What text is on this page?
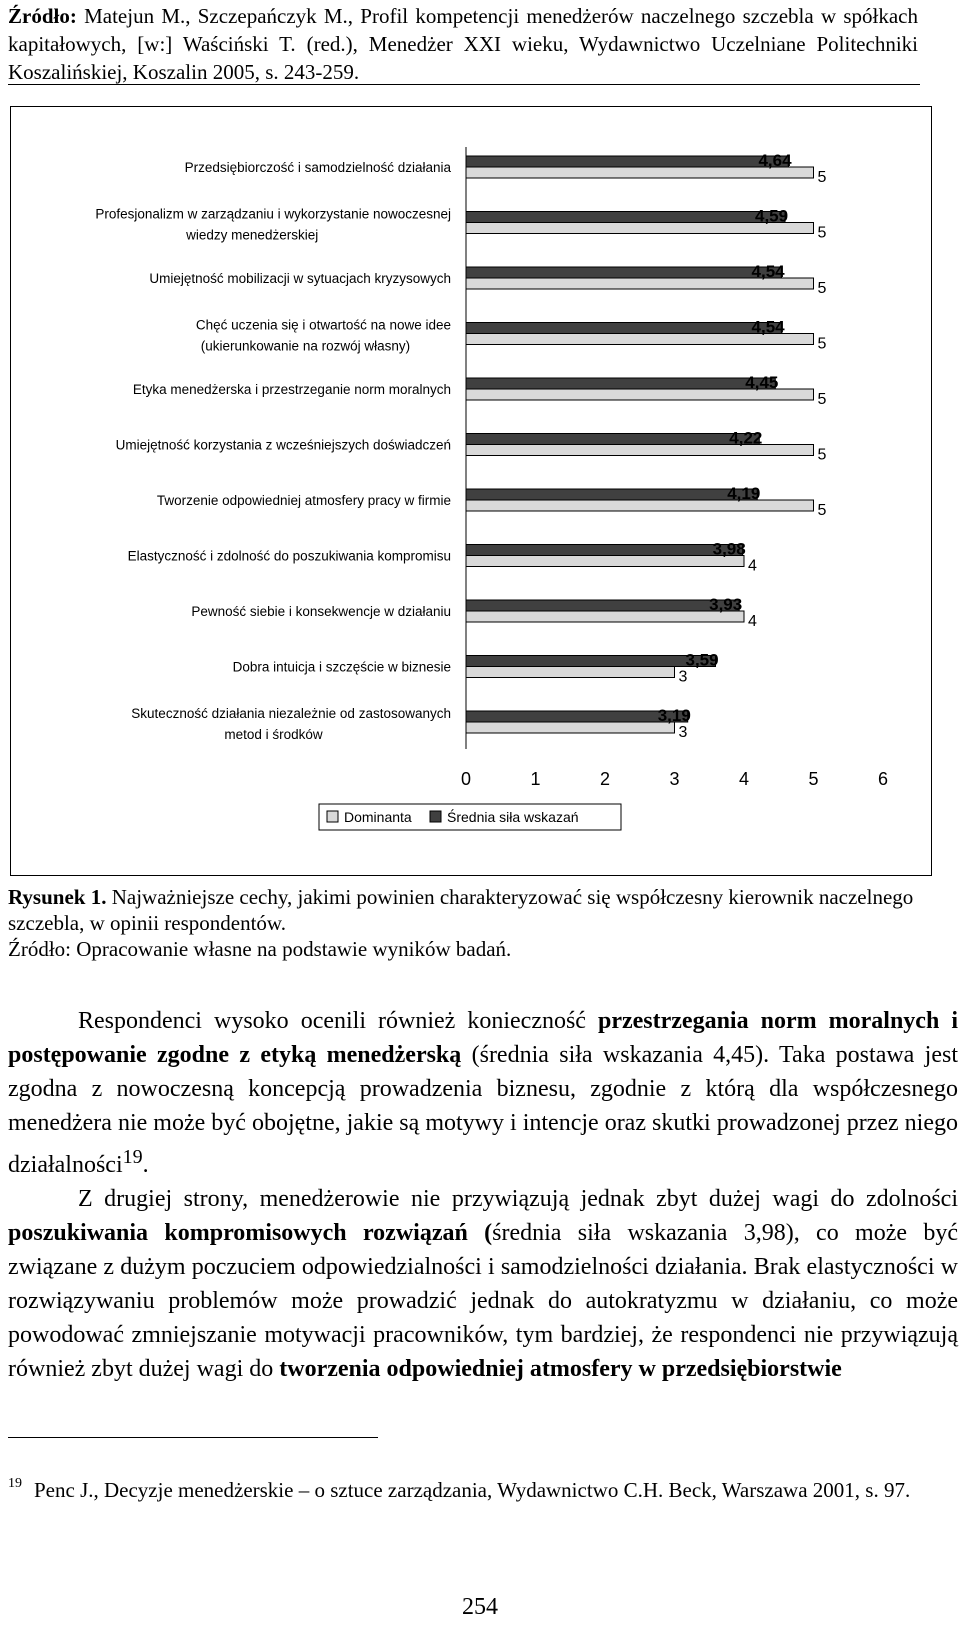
Źródło: Matejun M., Szczepańczyk M., Profil kompetencji menedżerów naczelnego szczebla w spółkach kapitałowych, [w:] Waściński T. (red.), Menedżer XXI wieku, Wydawnictwo Uczelniane Politechniki Koszalińskiej, Koszalin 2005, s. 243-259.
Przedsiębiorczość i samodzielność działania	4,64
5
Profesjonalizm w zarządzaniu i wykorzystanie nowoczesnej wiedzy menedżerskiej
4,59
5
Umiejętność mobilizacji w sytuacjach kryzysowych	4,54
5
Chęć uczenia się i otwartość na nowe idee (ukierunkowanie na rozwój własny)
4,54
5
Etyka menedżerska i przestrzeganie norm moralnych	4,45
5
Umiejętność korzystania z wcześniejszych doświadczeń	4,22
5
Tworzenie odpowiedniej atmosfery pracy w firmie	4,19
5
Elastyczność i zdolność do poszukiwania kompromisu	3,98
4
Pewność siebie i konsekwencje w działaniu	3,93
4
Dobra intuicja i szczęście w biznesie	3,59
3
Skuteczność działania niezależnie od zastosowanych metod i środków
3,19
3
0	1	2	3	4	5	6
Dominanta	Średnia siła wskazań
Rysunek 1. Najważniejsze cechy, jakimi powinien charakteryzować się współczesny kierownik naczelnego szczebla, w opinii respondentów.
Źródło: Opracowanie własne na podstawie wyników badań.

Respondenci wysoko ocenili również konieczność przestrzegania norm moralnych i postępowanie zgodne z etyką menedżerską (średnia siła wskazania 4,45). Taka postawa jest zgodna z nowoczesną koncepcją prowadzenia biznesu, zgodnie z którą dla współczesnego menedżera nie może być obojętne, jakie są motywy i intencje oraz skutki prowadzonej przez niego działalności$^{19}$.

Z drugiej strony, menedżerowie nie przywiązują jednak zbyt dużej wagi do zdolności poszukiwania kompromisowych rozwiązań (średnia siła wskazania 3,98), co może być związane z dużym poczuciem odpowiedzialności i samodzielności działania. Brak elastyczności w rozwiązywaniu problemów może prowadzić jednak do autokratyzmu w działaniu, co może powodować zmniejszanie motywacji pracowników, tym bardziej, że respondenci nie przywiązują również zbyt dużej wagi do tworzenia odpowiedniej atmosfery w przedsiębiorstwie

$^{19}$ Penc J., Decyzje menedżerskie – o sztuce zarządzania, Wydawnictwo C.H. Beck, Warszawa 2001, s. 97.
254
